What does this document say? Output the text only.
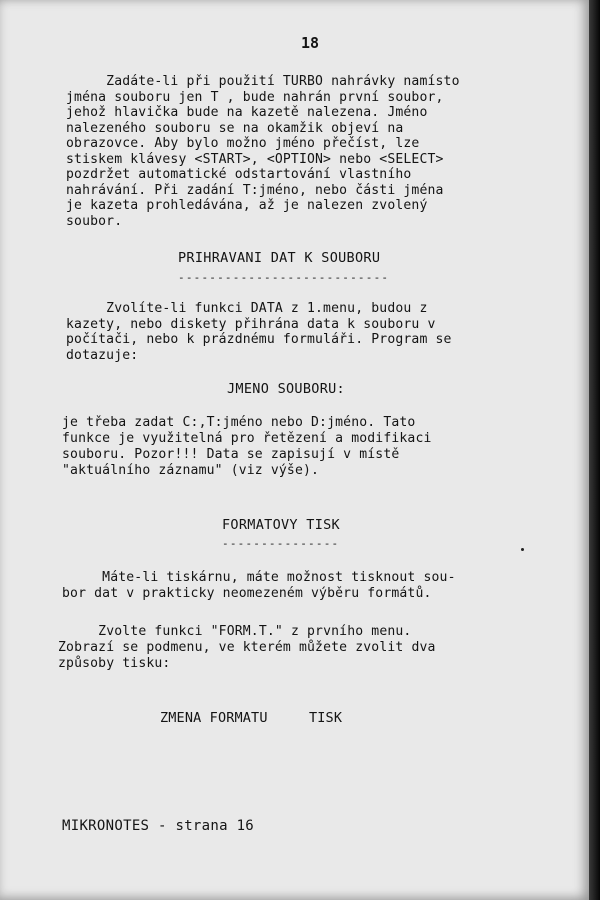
18
Zadáte-li při použití TURBO nahrávky namísto
jména souboru jen T , bude nahrán první soubor,
jehož hlavička bude na kazetě nalezena. Jméno
nalezeného souboru se na okamžik objeví na
obrazovce. Aby bylo možno jméno přečíst, lze
stiskem klávesy <START>, <OPTION> nebo <SELECT>
pozdržet automatické odstartování vlastního
nahrávání. Při zadání T:jméno, nebo části jména
je kazeta prohledávána, až je nalezen zvolený
soubor.
PRIHRAVANI DAT K SOUBORU
---------------------------
Zvolíte-li funkci DATA z 1.menu, budou z
kazety, nebo diskety přihrána data k souboru v
počítači, nebo k prázdnému formuláři. Program se
dotazuje:
JMENO SOUBORU:
je třeba zadat C:,T:jméno nebo D:jméno. Tato
funkce je využitelná pro řetězení a modifikaci
souboru. Pozor!!! Data se zapisují v místě
"aktuálního záznamu" (viz výše).
FORMATOVY TISK
---------------
Máte-li tiskárnu, máte možnost tisknout sou-
bor dat v prakticky neomezeném výběru formátů.
Zvolte funkci "FORM.T." z prvního menu.
Zobrazí se podmenu, ve kterém můžete zvolit dva
způsoby tisku:
ZMENA FORMATU     TISK
MIKRONOTES - strana 16
